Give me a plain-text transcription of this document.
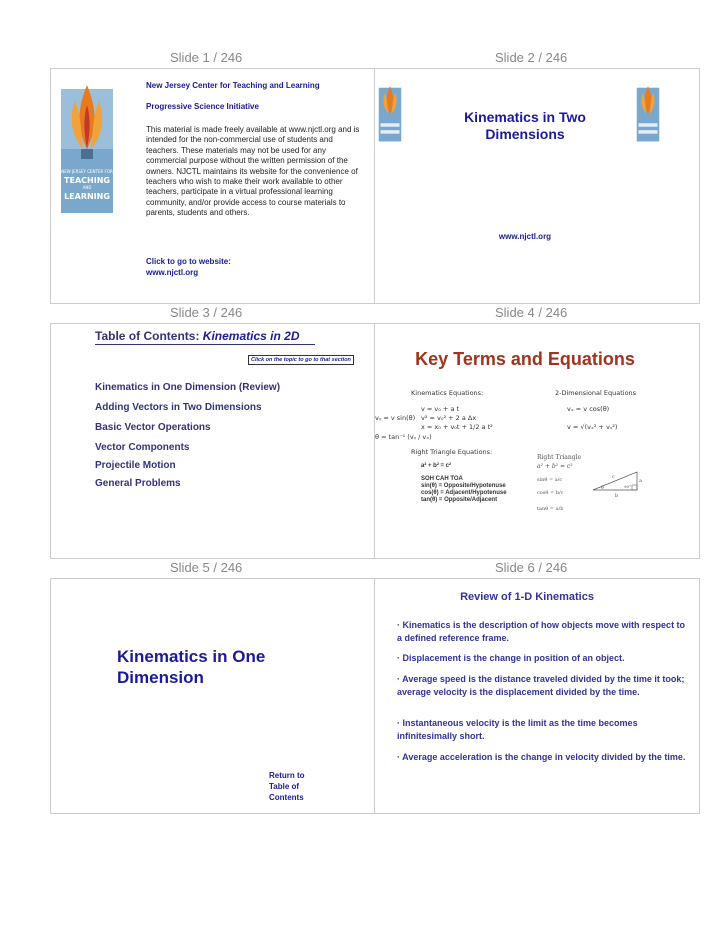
Slide 1 / 246	Slide 2 / 246
Slide 3 / 246	Slide 4 / 246
Slide 5 / 246	Slide 6 / 246
NEW JERSEY CENTER FOR
TEACHING
AND
LEARNING
New Jersey Center for Teaching and Learning
Progressive Science Initiative
This material is made freely available at www.njctl.org and is intended for the non-commercial use of students and teachers. These materials may not be used for any commercial purpose without the written permission of the owners. NJCTL maintains its website for the convenience of teachers who wish to make their work available to other teachers, participate in a virtual professional learning community, and/or provide access to course materials to parents, students and others.
Click to go to website:
www.njctl.org
Kinematics in Two
Dimensions
www.njctl.org
Table of Contents: Kinematics in 2D
Click on the topic to go to that section
Kinematics in One Dimension (Review)
Adding Vectors in Two Dimensions
Basic Vector Operations
Vector Components
Projectile Motion
General Problems
Key Terms and Equations
Kinematics Equations:	2-Dimensional Equations
v = v₀ + a t	vₓ = v cos(θ)
vᵧ = v sin(θ) v² = v₀² + 2 a Δx
x = x₀ + v₀t + 1/2 a t²	v = √(vₓ² + vᵧ²)
θ = tan⁻¹ (vᵧ / vₓ)
Right Triangle Equations:
a² + b² = c²
SOH CAH TOA
sin(θ) = Opposite/Hypotenuse
cos(θ) = Adjacent/Hypotenuse
tan(θ) = Opposite/Adjacent
Right Triangle
a² + b² = c²
sinθ = a/c
cosθ = b/c
tanθ = a/b
c
a
b
θ	90°
Kinematics in One
Dimension
Return to
Table of
Contents
Review of 1-D Kinematics
· Kinematics is the description of how objects move with respect to a defined reference frame.
· Displacement is the change in position of an object.
· Average speed is the distance traveled divided by the time it took; average velocity is the displacement divided by the time.
· Instantaneous velocity is the limit as the time becomes infinitesimally short.
· Average acceleration is the change in velocity divided by the time.
